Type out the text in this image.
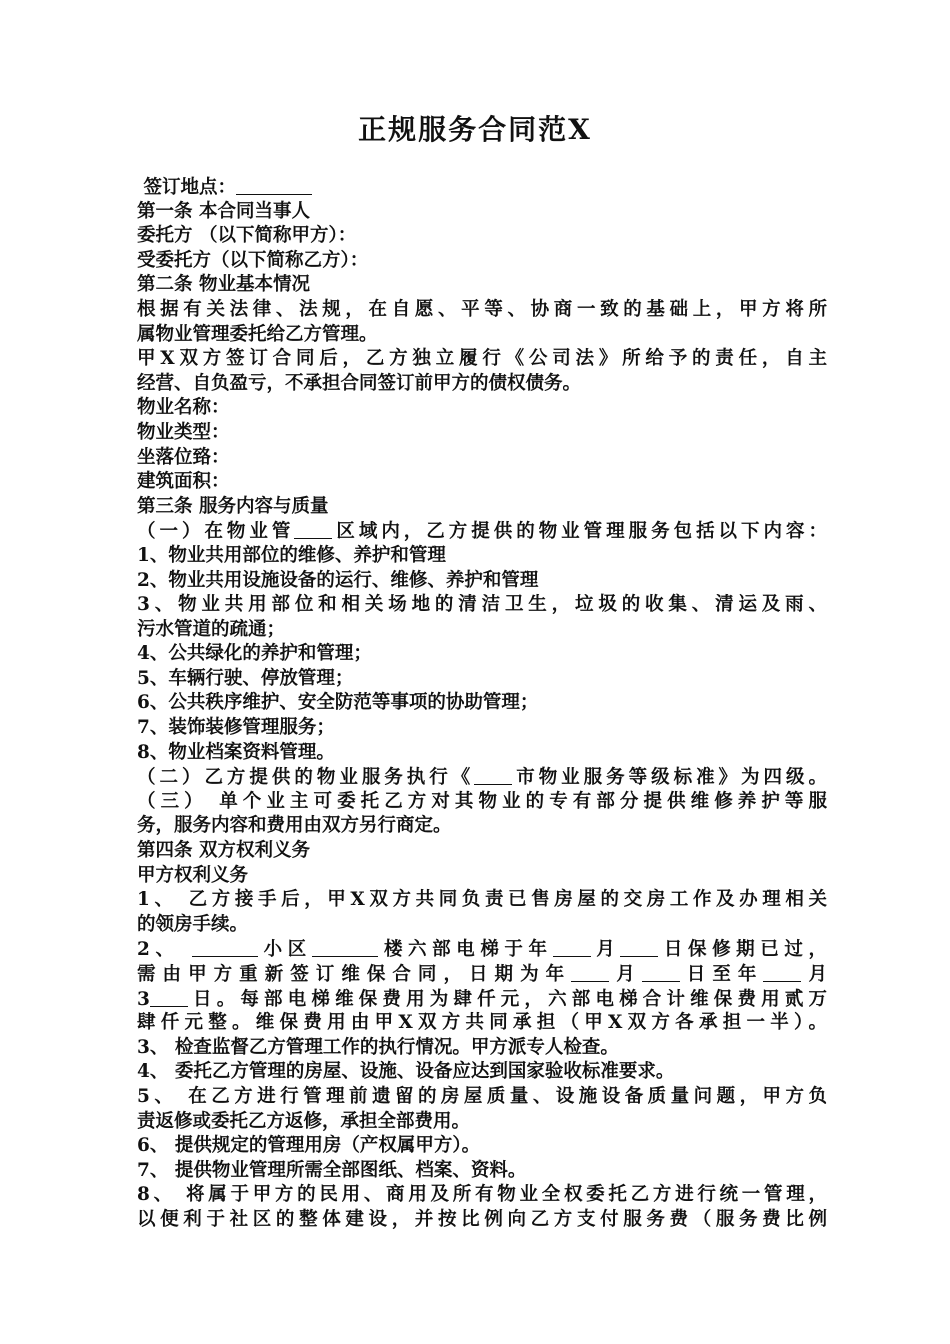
正规服务合同范X
签订地点：
第一条 本合同当事人
委托方 （以下简称甲方）：
受委托方（以下简称乙方）：
第二条 物业基本情况
根据有关法律、法规，在自愿、平等、协商一致的基础上，甲方将所
属物业管理委托给乙方管理。
甲X双方签订合同后，乙方独立履行《公司法》所给予的责任，自主
经营、自负盈亏，不承担合同签订前甲方的债权债务。
物业名称：
物业类型：
坐落位臵：
建筑面积：
第三条 服务内容与质量
（一）在物业管 区域内，乙方提供的物业管理服务包括以下内容：
1、物业共用部位的维修、养护和管理
2、物业共用设施设备的运行、维修、养护和管理
3、物业共用部位和相关场地的清洁卫生，垃圾的收集、清运及雨、
污水管道的疏通；
4、公共绿化的养护和管理；
5、车辆行驶、停放管理；
6、公共秩序维护、安全防范等事项的协助管理；
7、装饰装修管理服务；
8、物业档案资料管理。
（二）乙方提供的物业服务执行《 市物业服务等级标准》为四级。
（三） 单个业主可委托乙方对其物业的专有部分提供维修养护等服
务，服务内容和费用由双方另行商定。
第四条 双方权利义务
甲方权利义务
1、 乙方接手后，甲X双方共同负责已售房屋的交房工作及办理相关
的领房手续。
2、	小区	楼六部电梯于年 月 日保修期已过，
需由甲方重新签订维保合同，日期为年 月 日至年 月
3 日。每部电梯维保费用为肆仟元，六部电梯合计维保费用贰万
肆仟元整。维保费用由甲X双方共同承担（甲X双方各承担一半）。
3、 检查监督乙方管理工作的执行情况。甲方派专人检查。
4、 委托乙方管理的房屋、设施、设备应达到国家验收标准要求。
5、 在乙方进行管理前遗留的房屋质量、设施设备质量问题，甲方负
责返修或委托乙方返修，承担全部费用。
6、 提供规定的管理用房（产权属甲方）。
7、 提供物业管理所需全部图纸、档案、资料。
8、 将属于甲方的民用、商用及所有物业全权委托乙方进行统一管理，
以便利于社区的整体建设，并按比例向乙方支付服务费（服务费比例
